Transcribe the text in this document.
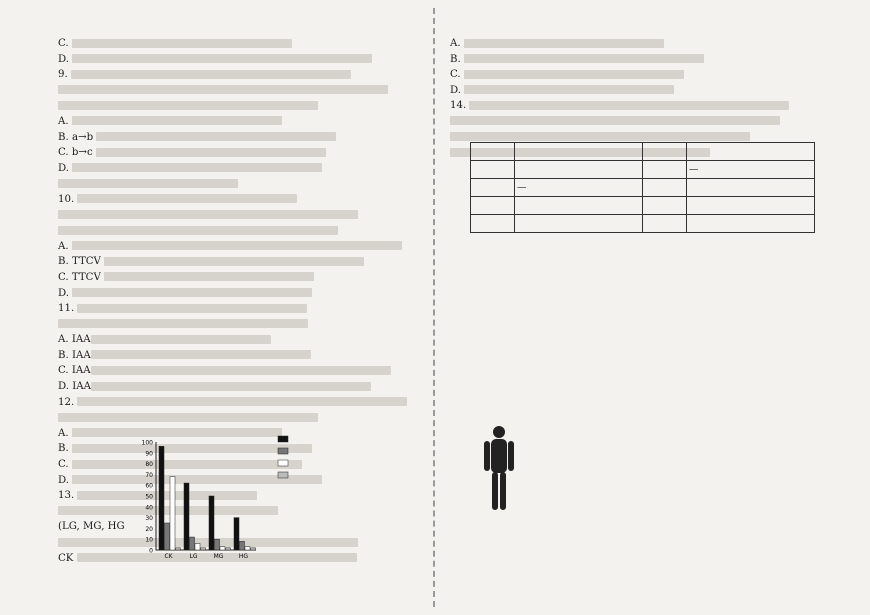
C.
D.
9.
A.
B. a→b
C. b→c
D.
10.
A.
B. TTCV
C. TTCV
D.
11.
A. IAA
B. IAA
C. IAA
D. IAA
12.
A.
B.
C.
D.
13.
(LG, MG, HG
CK
A.
B.
C.
D.
14.
0
10
20
30
40
50
60
70
80
90
100
CK	LG	MG	HG

			—
	—		
